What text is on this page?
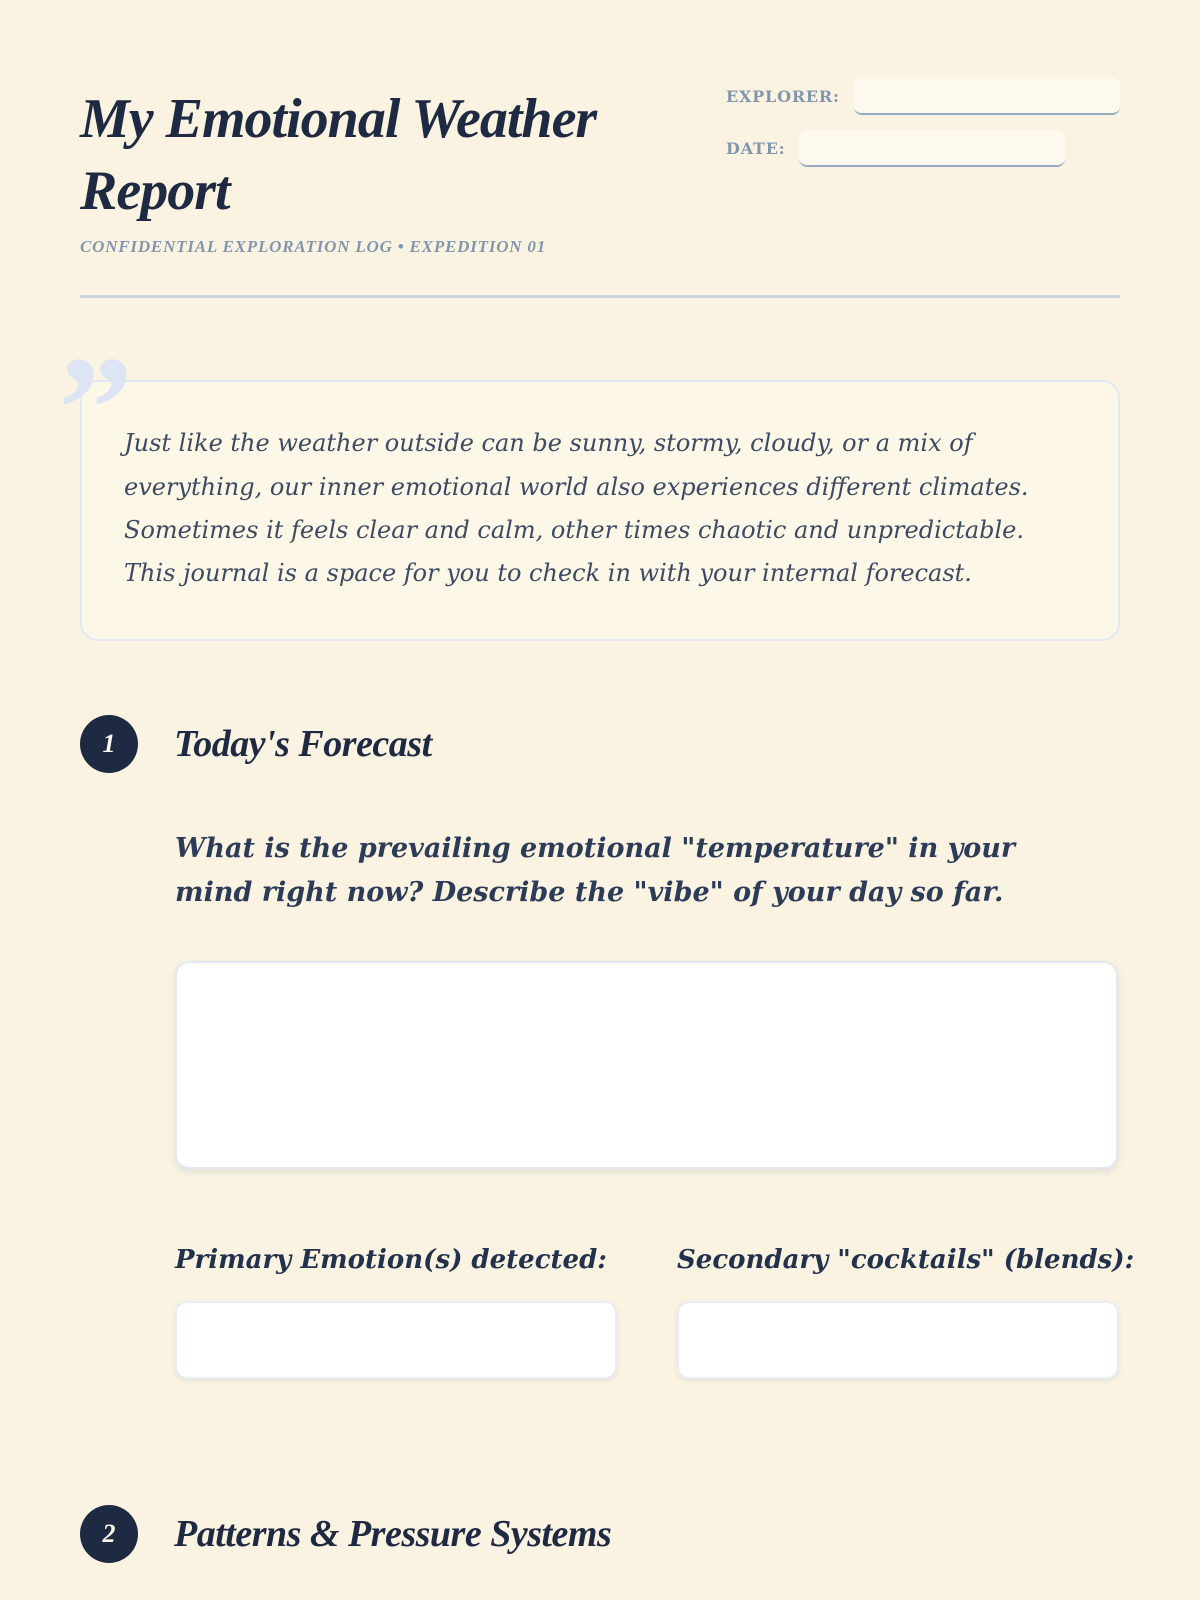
My Emotional Weather Report
CONFIDENTIAL EXPLORATION LOG • EXPEDITION 01
EXPLORER:
DATE:
”

Just like the weather outside can be sunny, stormy, cloudy, or a mix of everything, our inner emotional world also experiences different climates. Sometimes it feels clear and calm, other times chaotic and unpredictable. This journal is a space for you to check in with your internal forecast.

1	Today's Forecast

What is the prevailing emotional "temperature" in your mind right now? Describe the "vibe" of your day so far.

Primary Emotion(s) detected:	Secondary "cocktails" (blends):
2	Patterns & Pressure Systems
